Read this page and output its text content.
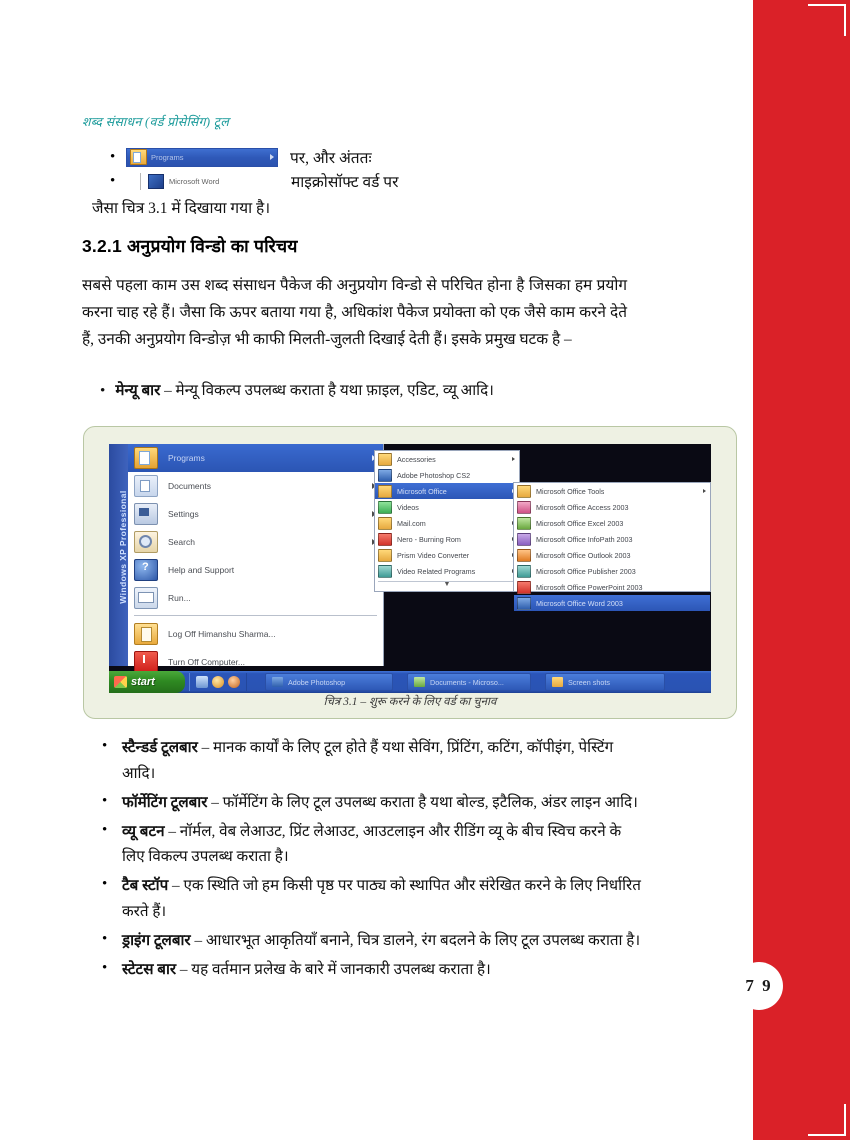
7 9
शब्द संसाधन (वर्ड प्रोसेसिंग) टूल
•	Programs	पर, और अंततः
•	Microsoft Word	माइक्रोसॉफ्ट वर्ड पर
जैसा चित्र 3.1 में दिखाया गया है।
3.2.1 अनुप्रयोग विन्डो का परिचय
सबसे पहला काम उस शब्द संसाधन पैकेज की अनुप्रयोग विन्डो से परिचित होना है जिसका हम प्रयोग करना चाह रहे हैं। जैसा कि ऊपर बताया गया है, अधिकांश पैकेज प्रयोक्ता को एक जैसे काम करने देते हैं, उनकी अनुप्रयोग विन्डोज़ भी काफी मिलती-जुलती दिखाई देती हैं। इसके प्रमुख घटक है –
• मेन्यू बार – मेन्यू विकल्प उपलब्ध कराता है यथा फ़ाइल, एडिट, व्यू आदि।
Windows XP Professional
Programs
Documents
Settings
Search
?
Help and Support
Run...
Log Off Himanshu Sharma...
Turn Off Computer...
Accessories
Adobe Photoshop CS2
Microsoft Office
Videos
Mail.com
Nero - Burning Rom
Prism Video Converter
Video Related Programs
▼
Microsoft Office Tools
Microsoft Office Access 2003
Microsoft Office Excel 2003
Microsoft Office InfoPath 2003
Microsoft Office Outlook 2003
Microsoft Office Publisher 2003
Microsoft Office PowerPoint 2003
Microsoft Office Word 2003
start	Adobe Photoshop	Documents - Microso...	Screen shots
चित्र 3.1 – शुरू करने के लिए वर्ड का चुनाव
• स्टैन्डर्ड टूलबार – मानक कार्यों के लिए टूल होते हैं यथा सेविंग, प्रिंटिंग, कटिंग, कॉपीइंग, पेस्टिंग आदि।
• फॉर्मेटिंग टूलबार – फॉर्मेटिंग के लिए टूल उपलब्ध कराता है यथा बोल्ड, इटैलिक, अंडर लाइन आदि।
• व्यू बटन – नॉर्मल, वेब लेआउट, प्रिंट लेआउट, आउटलाइन और रीडिंग व्यू के बीच स्विच करने के लिए विकल्प उपलब्ध कराता है।
• टैब स्टॉप – एक स्थिति जो हम किसी पृष्ठ पर पाठ्य को स्थापित और संरेखित करने के लिए निर्धारित करते हैं।
• ड्राइंग टूलबार – आधारभूत आकृतियाँ बनाने, चित्र डालने, रंग बदलने के लिए टूल उपलब्ध कराता है।
• स्टेटस बार – यह वर्तमान प्रलेख के बारे में जानकारी उपलब्ध कराता है।
